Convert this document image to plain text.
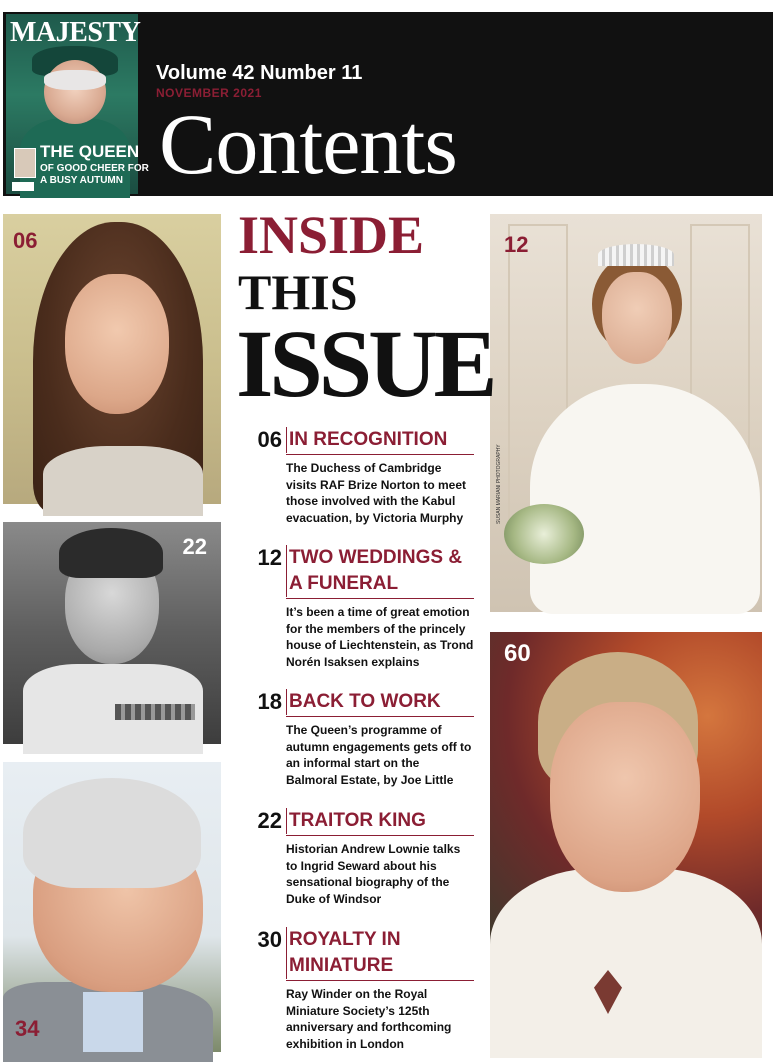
MAJESTY
THE QUEEN
OF GOOD CHEER FOR
A BUSY AUTUMN
Volume 42 Number 11
NOVEMBER 2021
Contents
06
22
34
SUSAN MARIANI PHOTOGRAPHY
12
60
INSIDE
THIS
ISSUE
06 IN RECOGNITION
The Duchess of Cambridge visits RAF Brize Norton to meet those involved with the Kabul evacuation, by Victoria Murphy
12 TWO WEDDINGS & A FUNERAL
It’s been a time of great emotion for the members of the princely house of Liechtenstein, as Trond Norén Isaksen explains
18 BACK TO WORK
The Queen’s programme of autumn engagements gets off to an informal start on the Balmoral Estate, by Joe Little
22 TRAITOR KING
Historian Andrew Lownie talks to Ingrid Seward about his sensational biography of the Duke of Windsor
30 ROYALTY IN MINIATURE
Ray Winder on the Royal Miniature Society’s 125th anniversary and forthcoming exhibition in London
